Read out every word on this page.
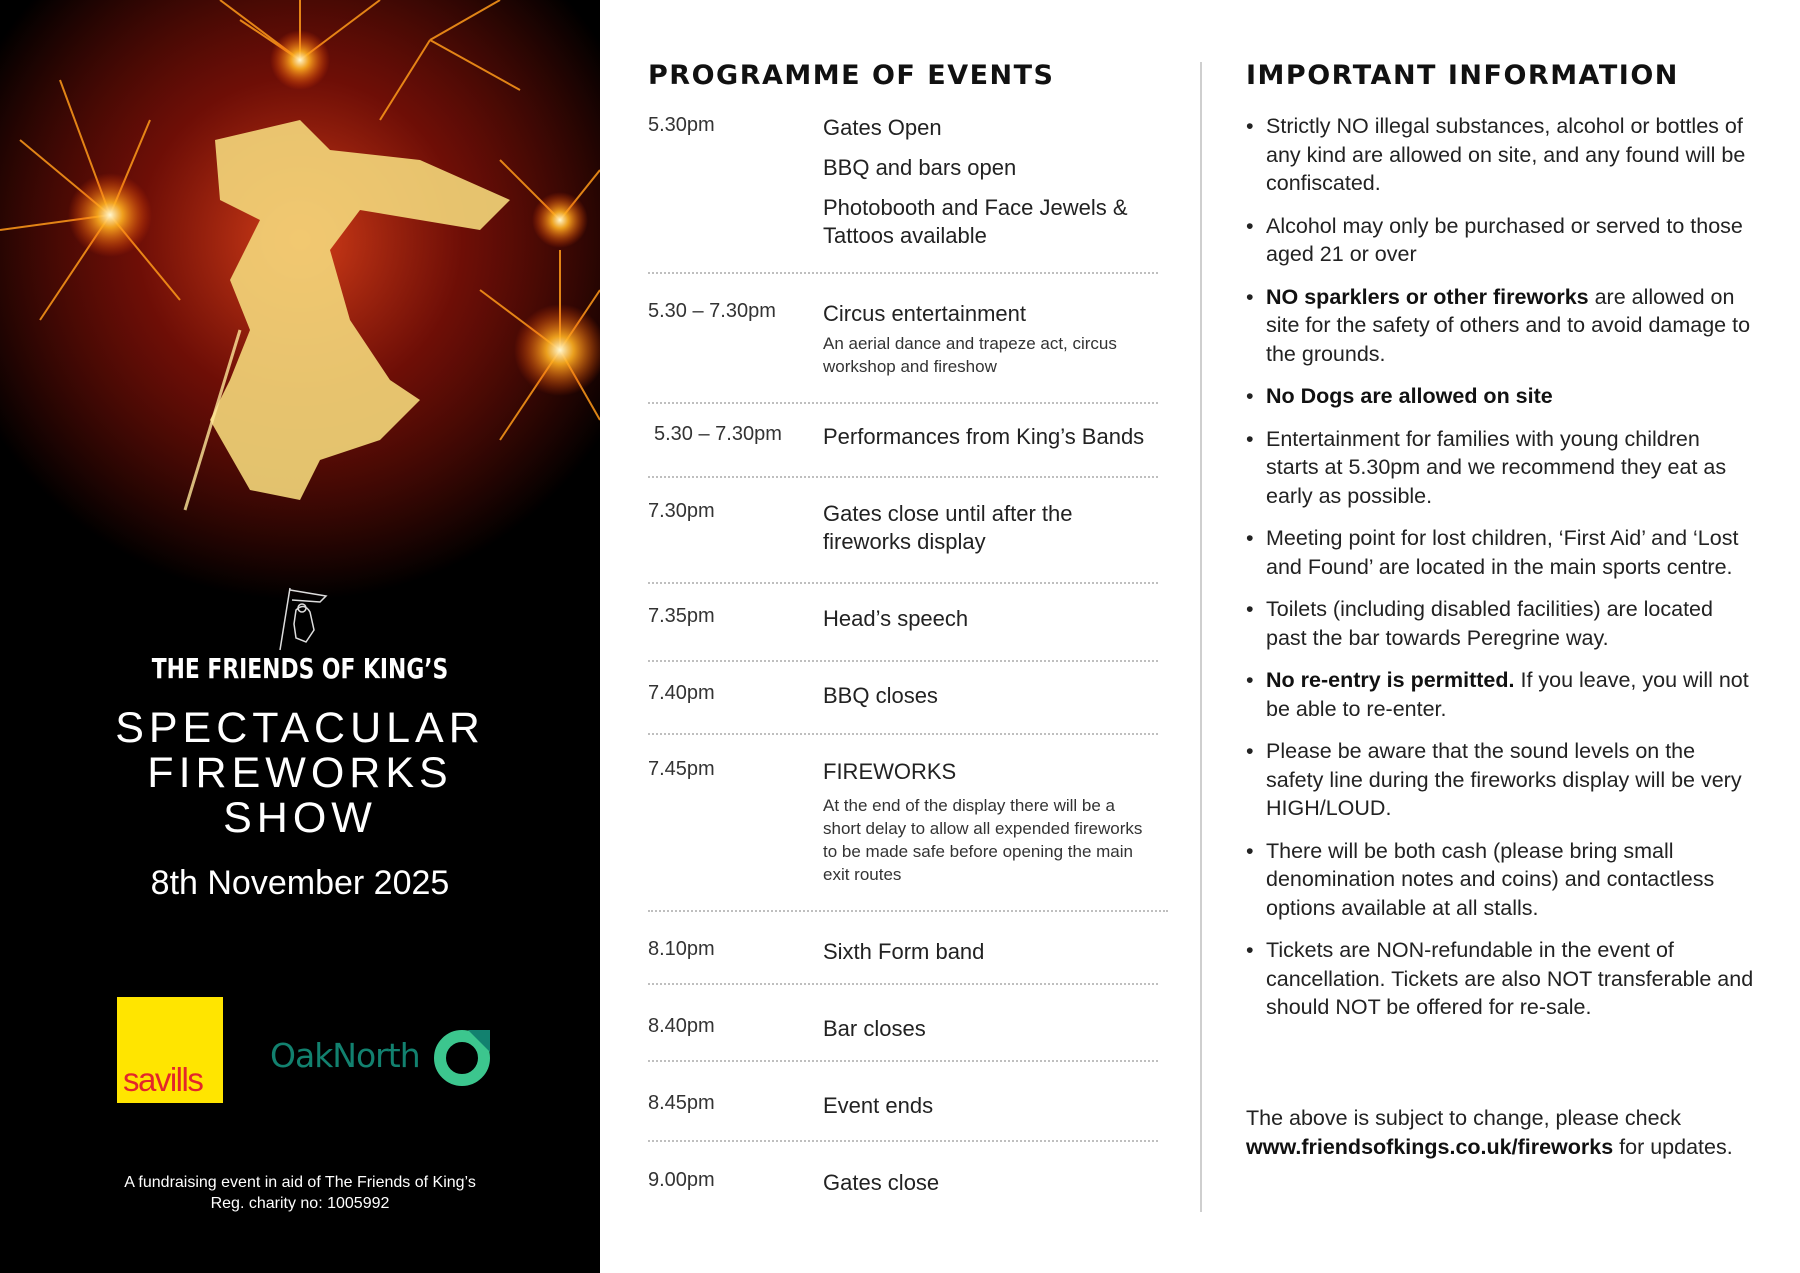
THE FRIENDS OF KING’S
SPECTACULAR
FIREWORKS
SHOW
8th November 2025
savills
OakNorth
A fundraising event in aid of The Friends of King’s
Reg. charity no: 1005992
PROGRAMME OF EVENTS
5.30pm	Gates Open
BBQ and bars open
Photobooth and Face Jewels & Tattoos available
5.30 – 7.30pm Circus entertainment
An aerial dance and trapeze act, circus workshop and fireshow
5.30 – 7.30pm Performances from King’s Bands
7.30pm	Gates close until after the fireworks display
7.35pm	Head’s speech
7.40pm	BBQ closes
7.45pm	FIREWORKS
At the end of the display there will be a short delay to allow all expended fireworks to be made safe before opening the main exit routes
8.10pm	Sixth Form band
8.40pm	Bar closes
8.45pm	Event ends
9.00pm	Gates close
IMPORTANT INFORMATION
• Strictly NO illegal substances, alcohol or bottles of any kind are allowed on site, and any found will be confiscated.
• Alcohol may only be purchased or served to those aged 21 or over
• NO sparklers or other fireworks are allowed on site for the safety of others and to avoid damage to the grounds.
• No Dogs are allowed on site
• Entertainment for families with young children starts at 5.30pm and we recommend they eat as early as possible.
• Meeting point for lost children, ‘First Aid’ and ‘Lost and Found’ are located in the main sports centre.
• Toilets (including disabled facilities) are located past the bar towards Peregrine way.
• No re-entry is permitted. If you leave, you will not be able to re-enter.
• Please be aware that the sound levels on the safety line during the fireworks display will be very HIGH/LOUD.
• There will be both cash (please bring small denomination notes and coins) and contactless options available at all stalls.
• Tickets are NON-refundable in the event of cancellation. Tickets are also NOT transferable and should NOT be offered for re-sale.
The above is subject to change, please check www.friendsofkings.co.uk/fireworks for updates.
